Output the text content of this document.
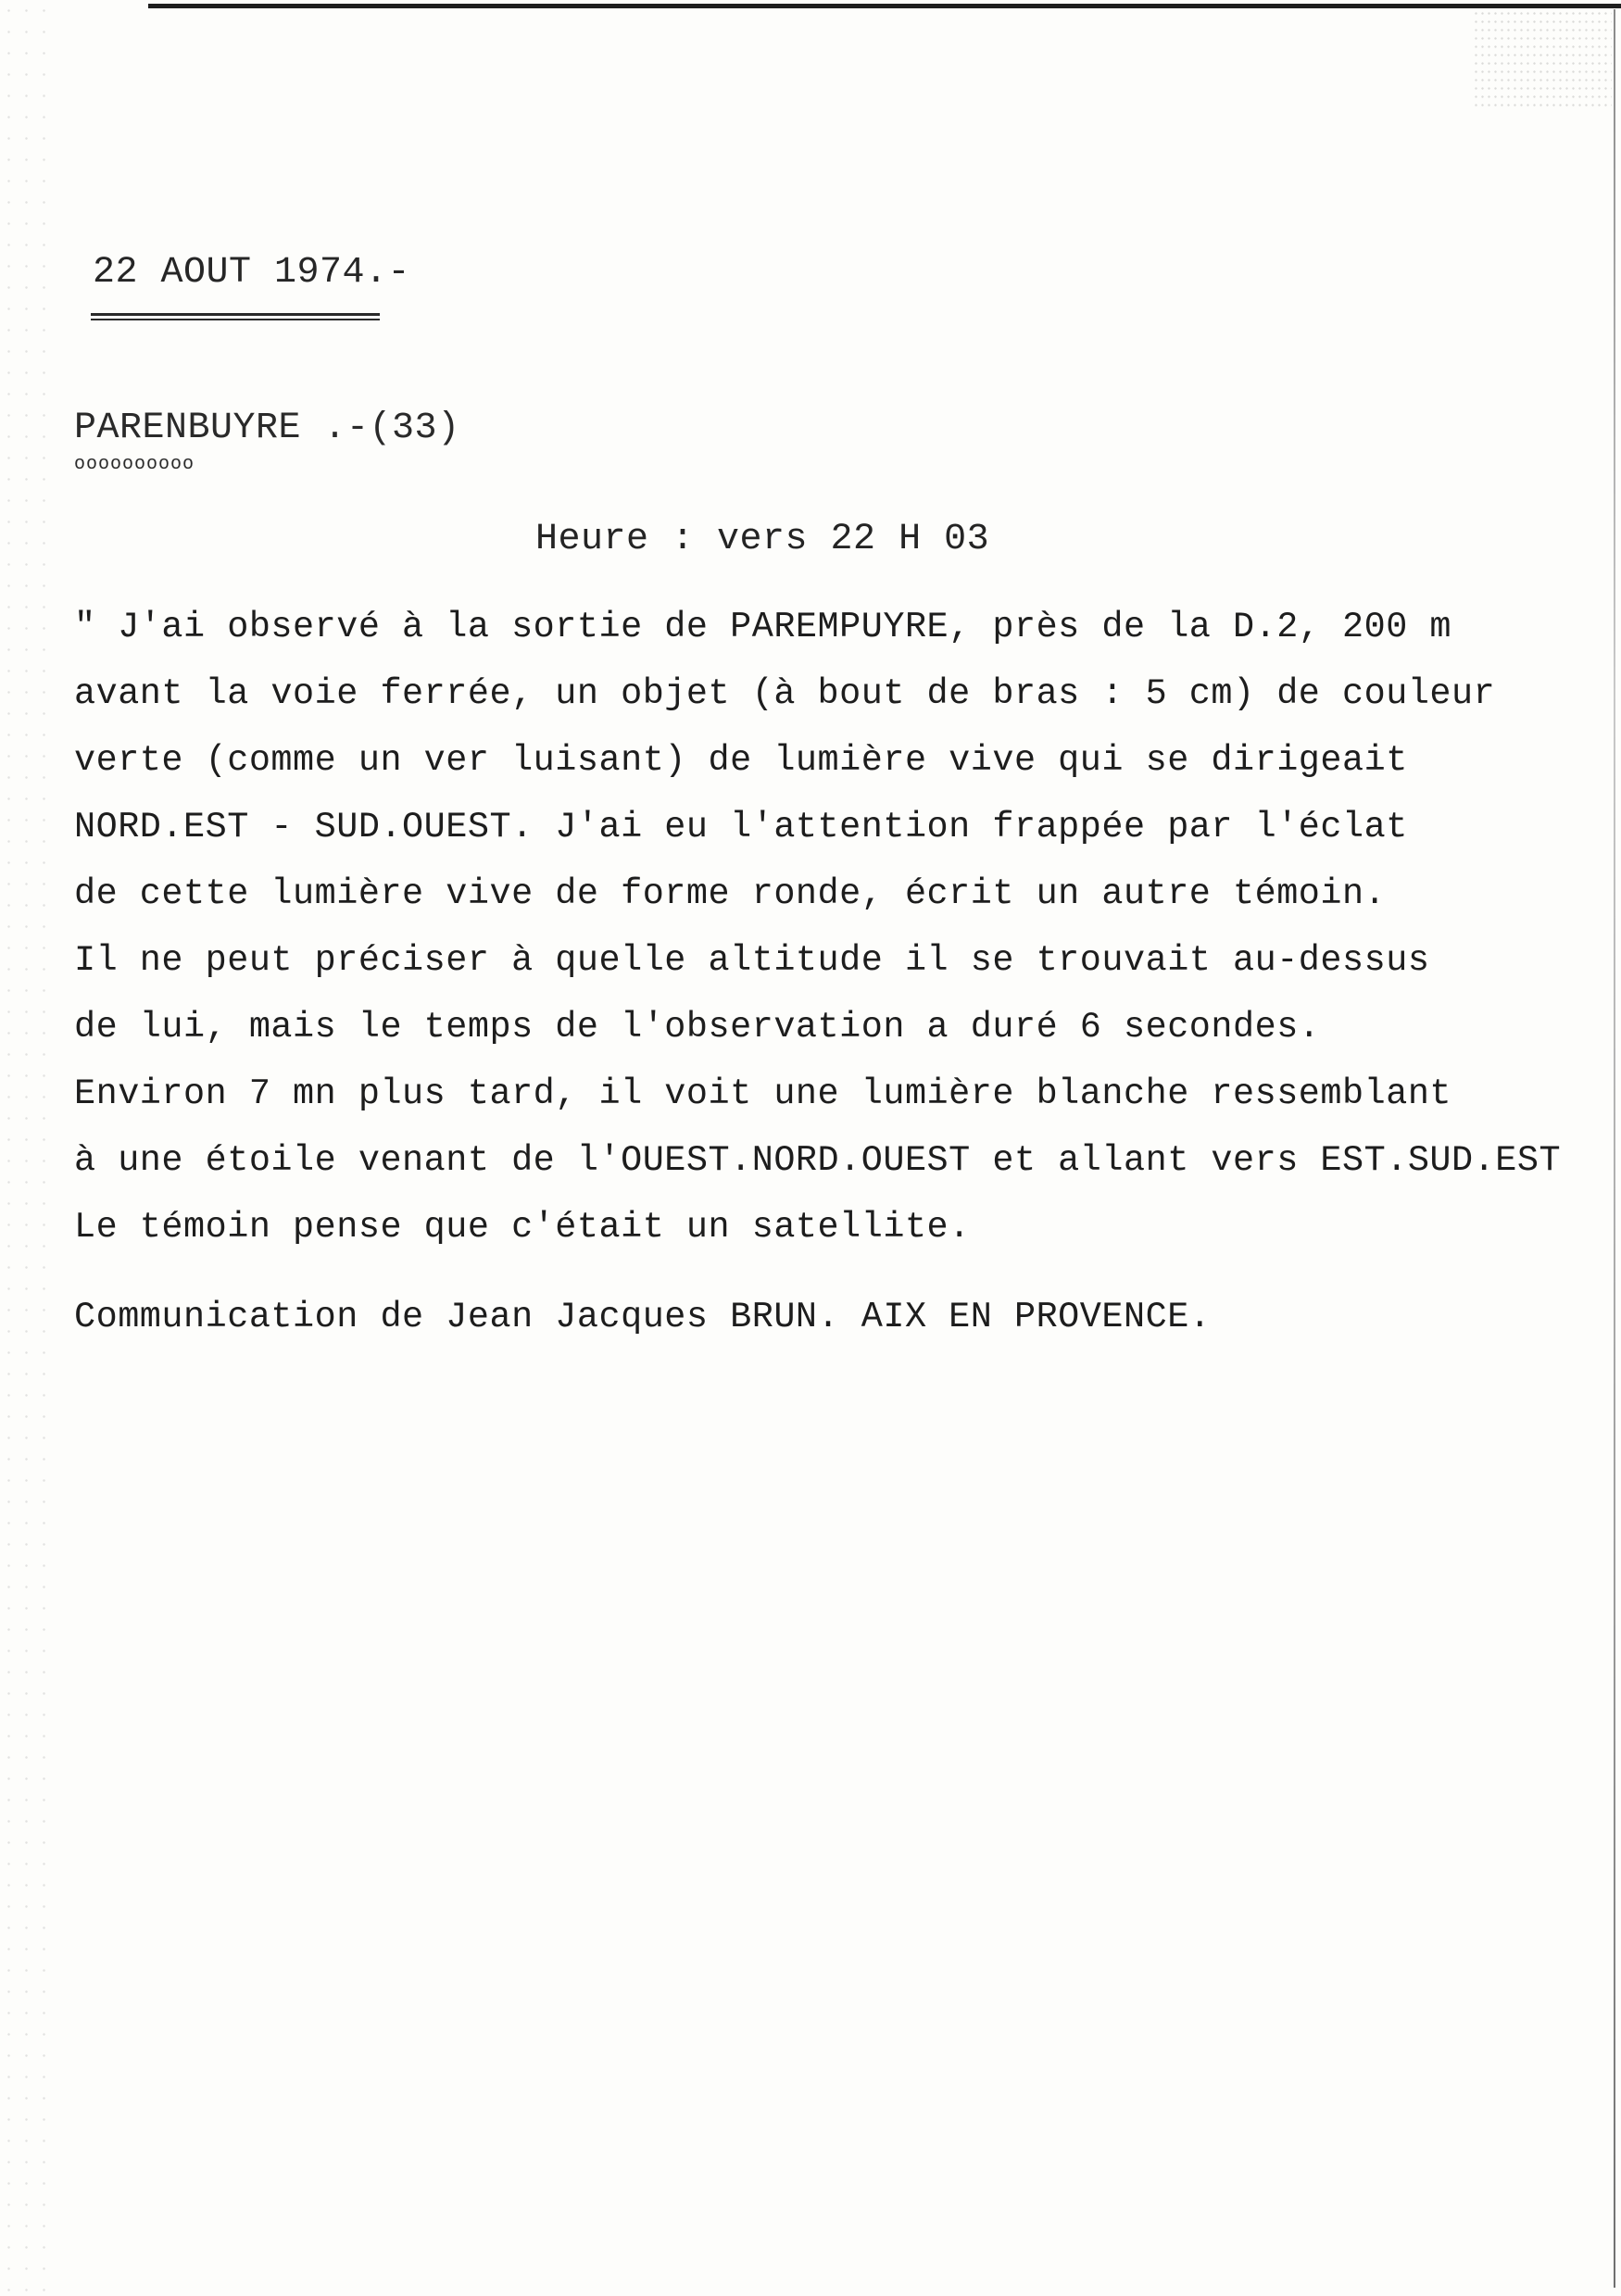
22 AOUT 1974.-
PARENBUYRE .-(33)
oooooooooo
Heure : vers 22 H 03
" J'ai observé à la sortie de PAREMPUYRE, près de la D.2, 200 m
avant la voie ferrée, un objet (à bout de bras : 5 cm) de couleur
verte (comme un ver luisant) de lumière vive qui se dirigeait
NORD.EST - SUD.OUEST. J'ai eu l'attention frappée par l'éclat
de cette lumière vive de forme ronde, écrit un autre témoin.
Il ne peut préciser à quelle altitude il se trouvait au-dessus
de lui, mais le temps de l'observation a duré 6 secondes.
Environ 7 mn plus tard, il voit une lumière blanche ressemblant
à une étoile venant de l'OUEST.NORD.OUEST et allant vers EST.SUD.EST
Le témoin pense que c'était un satellite.
Communication de Jean Jacques BRUN. AIX EN PROVENCE.
